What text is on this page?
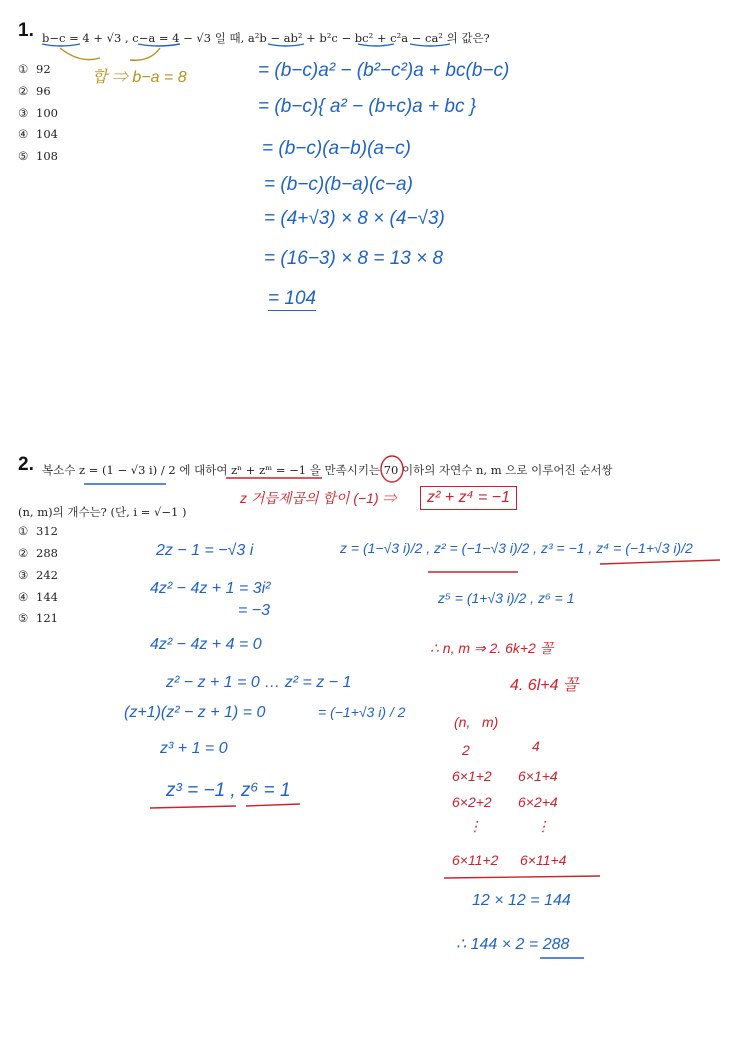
1. b−c = 4 + √3 , c−a = 4 − √3 일 때, a²b − ab² + b²c − bc² + c²a − ca² 의 값은?
① 92
② 96
③ 100
④ 104
⑤ 108
합 ⇒ b−a = 8	= (b−c)a² − (b²−c²)a + bc(b−c)
= (b−c){ a² − (b+c)a + bc }
= (b−c)(a−b)(a−c)
= (b−c)(b−a)(c−a)
= (4+√3) × 8 × (4−√3)
= (16−3) × 8 = 13 × 8
= 104
2. 복소수 z = (1 − √3 i) / 2 에 대하여 zⁿ + zᵐ = −1 을 만족시키는 70 이하의 자연수 n, m 으로 이루어진 순서쌍
(n, m)의 개수는? (단, i = √−1 )
z 거듭제곱의 합이 (−1) ⇒	z² + z⁴ = −1
① 312
② 288
③ 242
④ 144
⑤ 121
2z − 1 = −√3 i
4z² − 4z + 1 = 3i²
= −3
4z² − 4z + 4 = 0
z² − z + 1 = 0 … z² = z − 1
(z+1)(z² − z + 1) = 0	= (−1+√3 i) / 2
z³ + 1 = 0
z³ = −1 , z⁶ = 1
z = (1−√3 i)/2 , z² = (−1−√3 i)/2 , z³ = −1 , z⁴ = (−1+√3 i)/2
z⁵ = (1+√3 i)/2 , z⁶ = 1
∴ n, m ⇒ 2. 6k+2 꼴
4. 6l+4 꼴
(n, m)
2	4
6×1+2 6×1+4
6×2+2 6×2+4
⋮	⋮
6×11+2 6×11+4
12 × 12 = 144
∴ 144 × 2 = 288
